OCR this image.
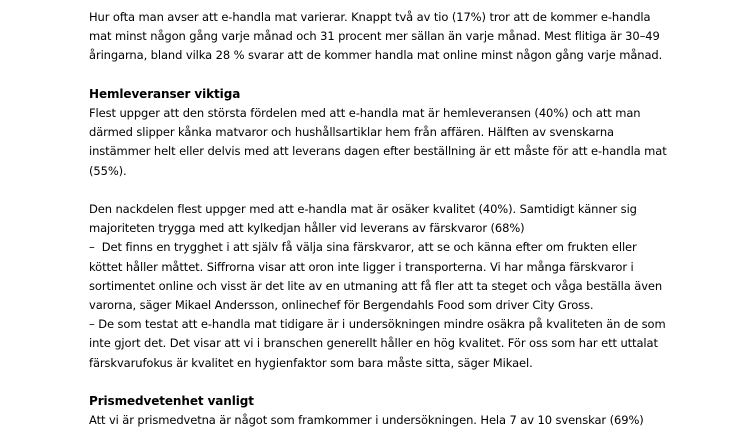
Hur ofta man avser att e-handla mat varierar. Knappt två av tio (17%) tror att de kommer e-handla
mat minst någon gång varje månad och 31 procent mer sällan än varje månad. Mest flitiga är 30–49
åringarna, bland vilka 28 % svarar att de kommer handla mat online minst någon gång varje månad.

Hemleveranser viktiga

Flest uppger att den största fördelen med att e-handla mat är hemleveransen (40%) och att man
därmed slipper kånka matvaror och hushållsartiklar hem från affären. Hälften av svenskarna
instämmer helt eller delvis med att leverans dagen efter beställning är ett måste för att e-handla mat
(55%).

Den nackdelen flest uppger med att e-handla mat är osäker kvalitet (40%). Samtidigt känner sig
majoriteten trygga med att kylkedjan håller vid leverans av färskvaror (68%)

–  Det finns en trygghet i att själv få välja sina färskvaror, att se och känna efter om frukten eller
köttet håller måttet. Siffrorna visar att oron inte ligger i transporterna. Vi har många färskvaror i
sortimentet online och visst är det lite av en utmaning att få fler att ta steget och våga beställa även
varorna, säger Mikael Andersson, onlinechef för Bergendahls Food som driver City Gross.

– De som testat att e-handla mat tidigare är i undersökningen mindre osäkra på kvaliteten än de som
inte gjort det. Det visar att vi i branschen generellt håller en hög kvalitet. För oss som har ett uttalat
färskvarufokus är kvalitet en hygienfaktor som bara måste sitta, säger Mikael.

Prismedvetenhet vanligt

Att vi är prismedvetna är något som framkommer i undersökningen. Hela 7 av 10 svenskar (69%)
